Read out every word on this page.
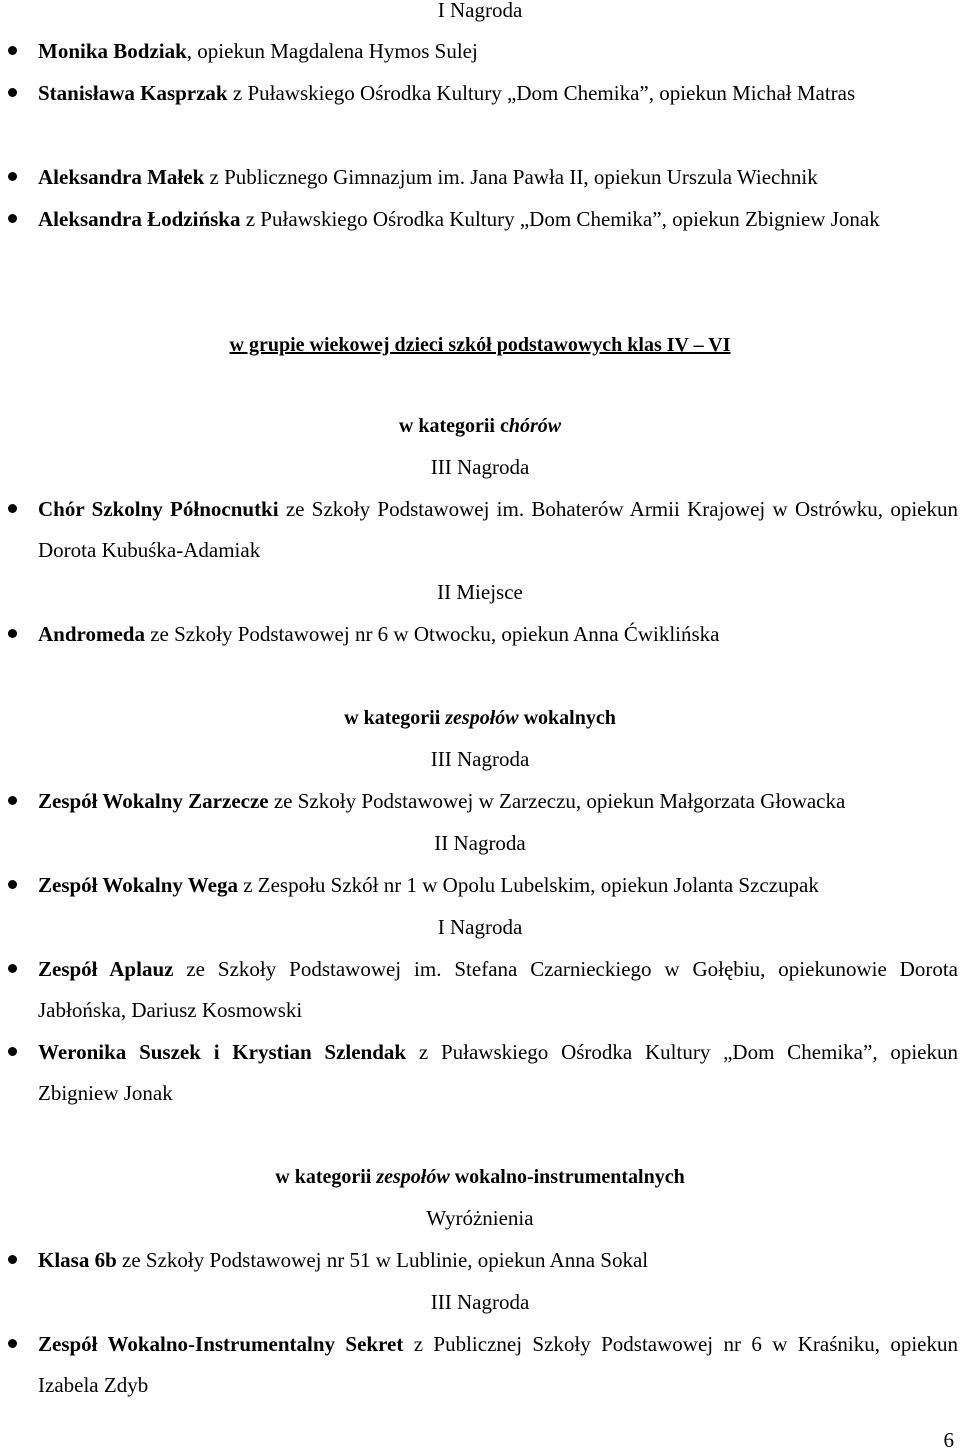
I Nagroda
Monika Bodziak, opiekun Magdalena Hymos Sulej
Stanisława Kasprzak z Puławskiego Ośrodka Kultury „Dom Chemika”, opiekun Michał Matras
Aleksandra Małek z Publicznego Gimnazjum im. Jana Pawła II, opiekun Urszula Wiechnik
Aleksandra Łodzińska z Puławskiego Ośrodka Kultury „Dom Chemika”, opiekun Zbigniew Jonak
w grupie wiekowej dzieci szkół podstawowych klas IV – VI
w kategorii chórów
III Nagroda
Chór Szkolny Północnutki ze Szkoły Podstawowej im. Bohaterów Armii Krajowej w Ostrówku, opiekun Dorota Kubuśka-Adamiak
II Miejsce
Andromeda ze Szkoły Podstawowej nr 6 w Otwocku, opiekun Anna Ćwiklińska
w kategorii zespołów wokalnych
III Nagroda
Zespół Wokalny Zarzecze ze Szkoły Podstawowej w Zarzeczu, opiekun Małgorzata Głowacka
II Nagroda
Zespół Wokalny Wega z Zespołu Szkół nr 1 w Opolu Lubelskim, opiekun Jolanta Szczupak
I Nagroda
Zespół Aplauz ze Szkoły Podstawowej im. Stefana Czarnieckiego w Gołębiu, opiekunowie Dorota Jabłońska, Dariusz Kosmowski
Weronika Suszek i Krystian Szlendak z Puławskiego Ośrodka Kultury „Dom Chemika”, opiekun Zbigniew Jonak
w kategorii zespołów wokalno-instrumentalnych
Wyróżnienia
Klasa 6b ze Szkoły Podstawowej nr 51 w Lublinie, opiekun Anna Sokal
III Nagroda
Zespół Wokalno-Instrumentalny Sekret z Publicznej Szkoły Podstawowej nr 6 w Kraśniku, opiekun Izabela Zdyb
6
